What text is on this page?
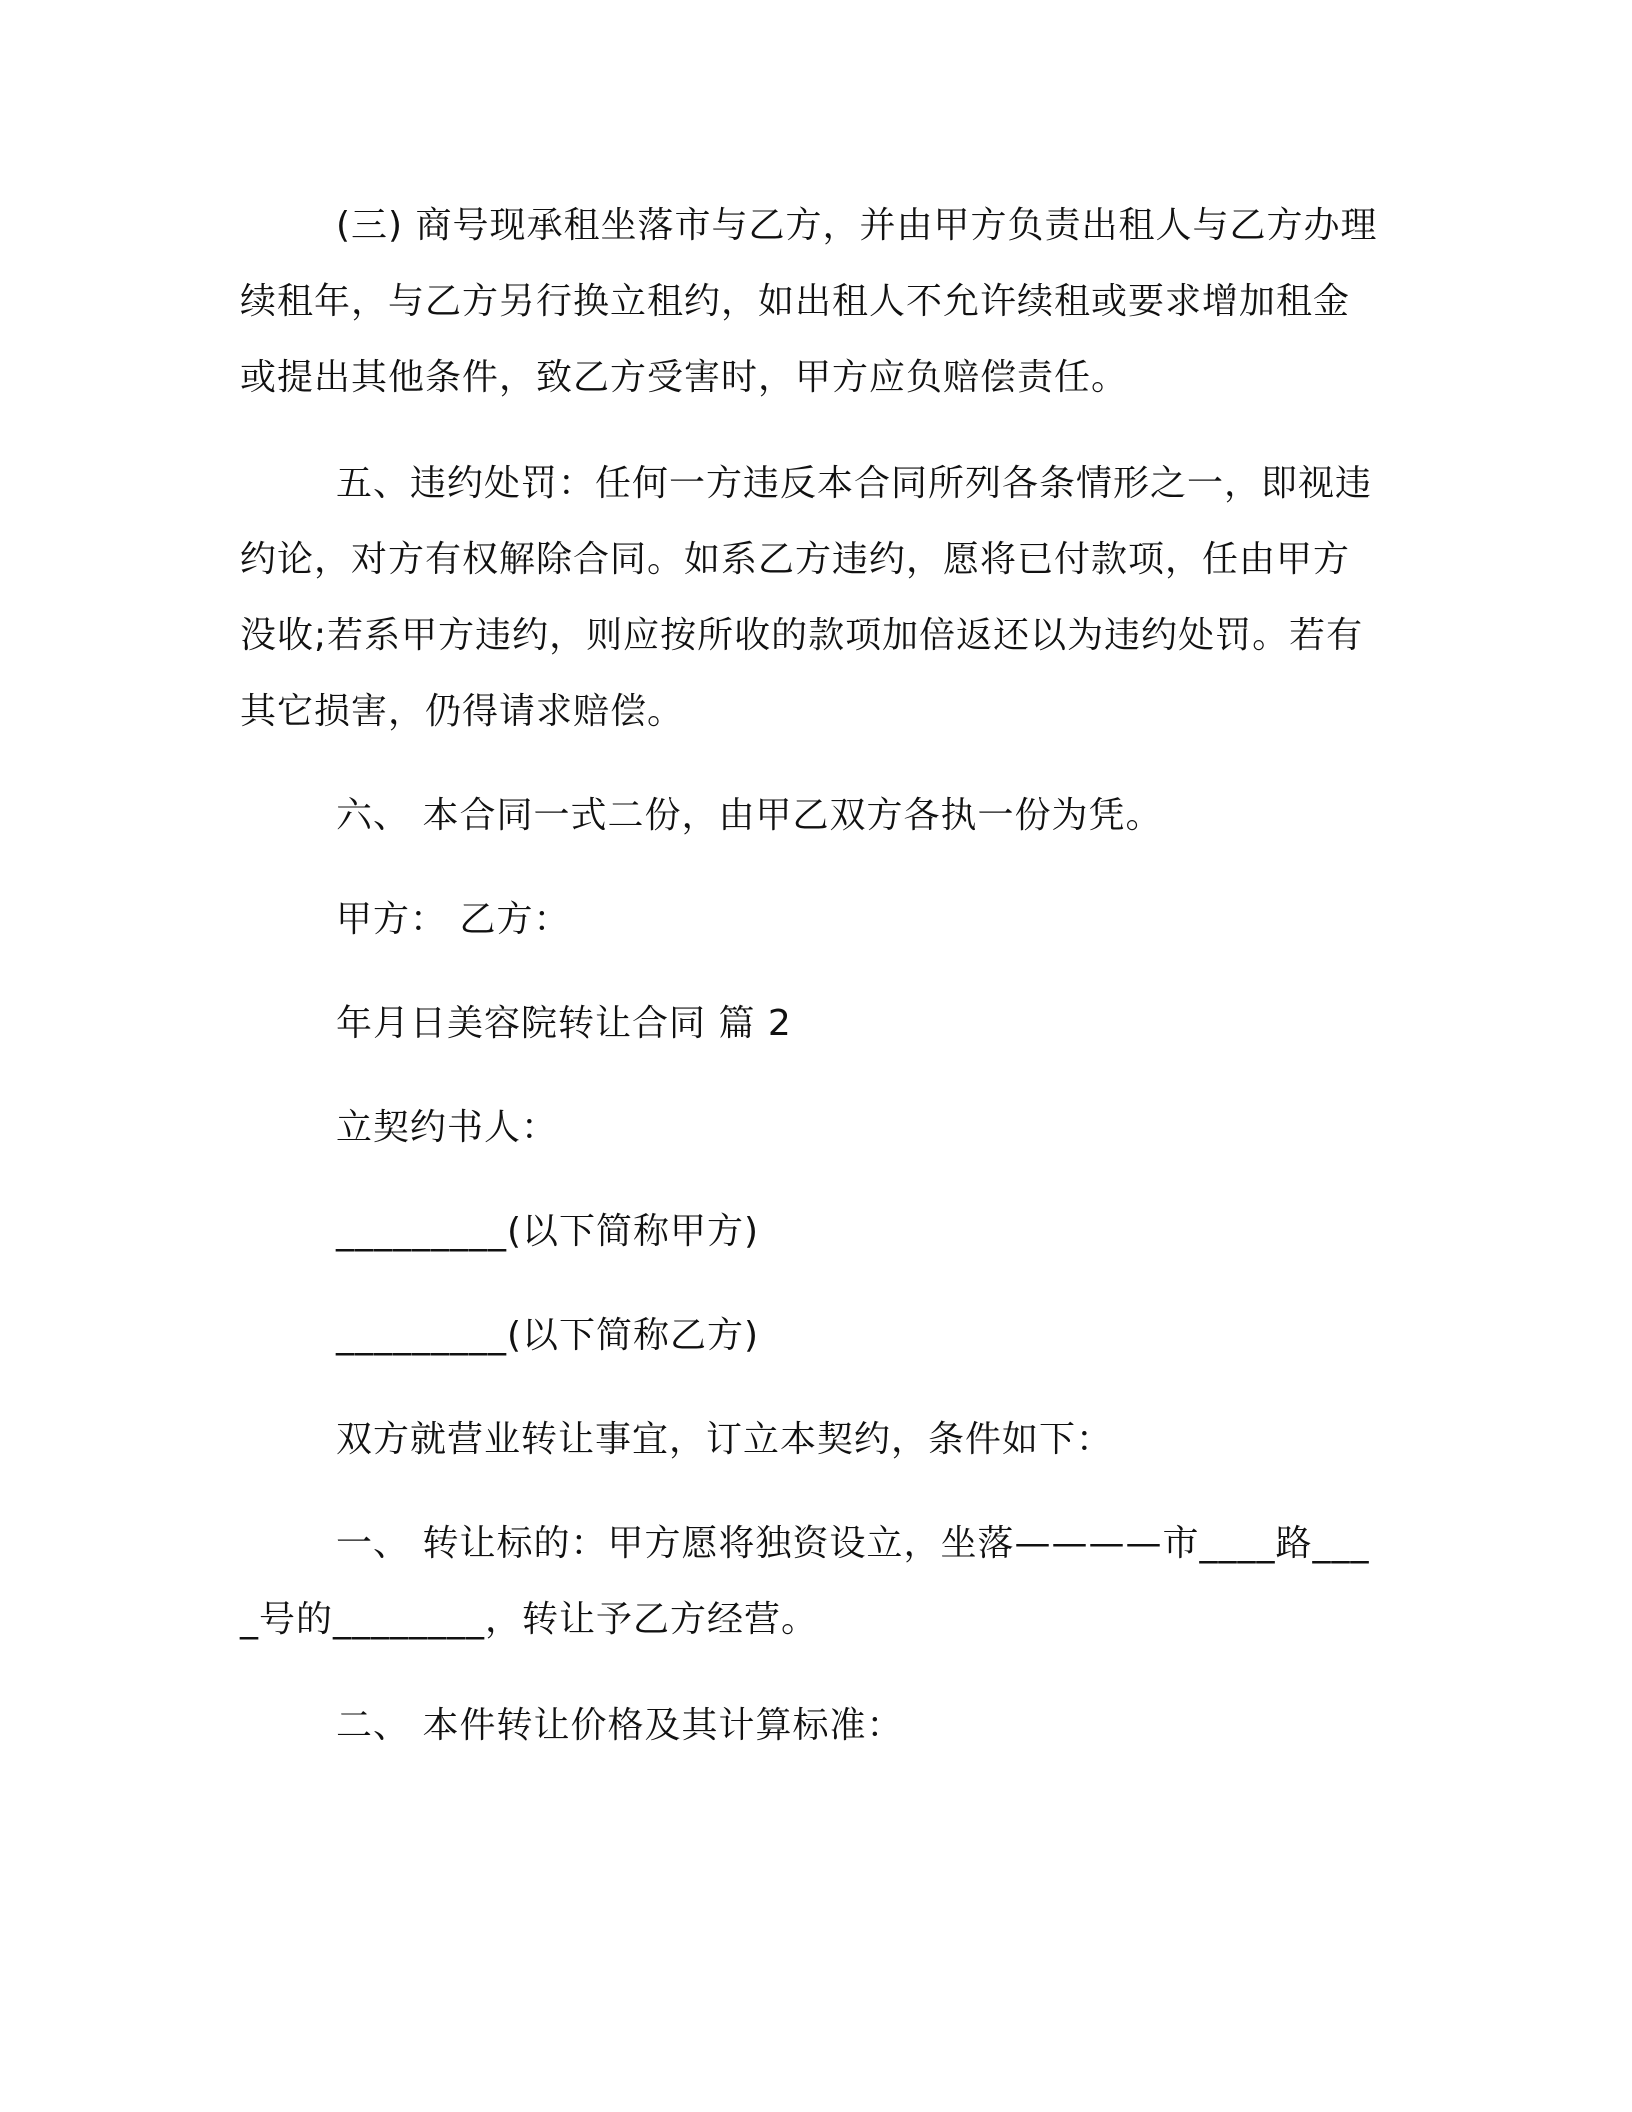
(三) 商号现承租坐落市与乙方，并由甲方负责出租人与乙方办理续租年，与乙方另行换立租约，如出租人不允许续租或要求增加租金或提出其他条件，致乙方受害时，甲方应负赔偿责任。

五、违约处罚：任何一方违反本合同所列各条情形之一，即视违约论，对方有权解除合同。如系乙方违约，愿将已付款项，任由甲方没收;若系甲方违约，则应按所收的款项加倍返还以为违约处罚。若有其它损害，仍得请求赔偿。

六、 本合同一式二份，由甲乙双方各执一份为凭。

甲方： 乙方：

年月日美容院转让合同 篇 2

立契约书人：

_________(以下简称甲方)

_________(以下简称乙方)

双方就营业转让事宜，订立本契约，条件如下：

一、 转让标的：甲方愿将独资设立，坐落————市____路____号的________，转让予乙方经营。

二、 本件转让价格及其计算标准：
